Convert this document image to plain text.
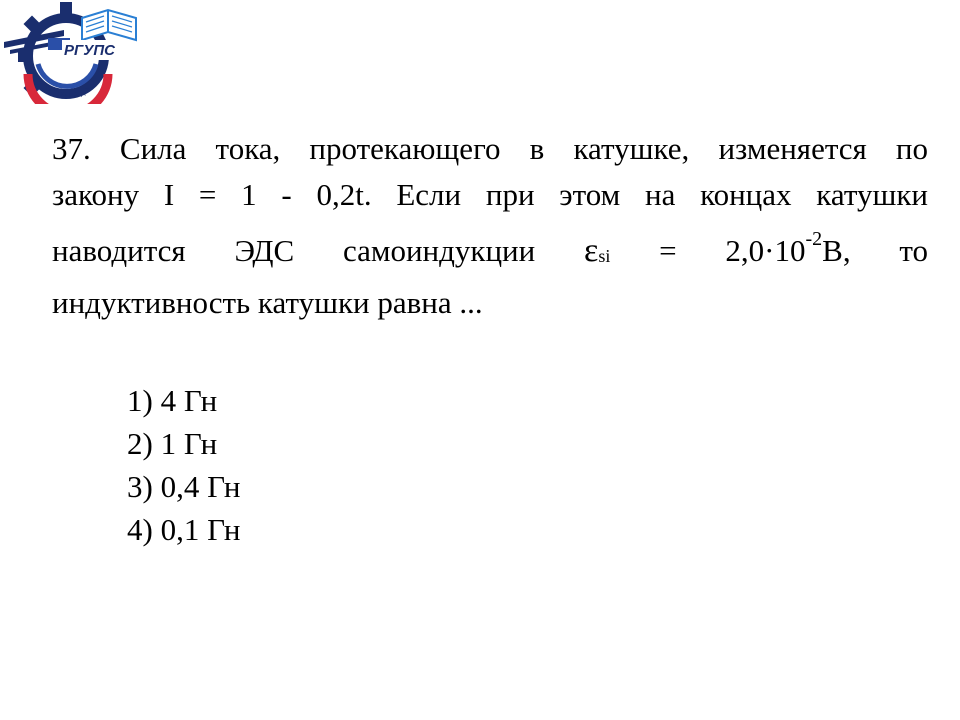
РГУПС
РОСТОВ-НА-ДОНУ
37. Сила тока, протекающего в катушке, изменяется по
закону I = 1 - 0,2t. Если при этом на концах катушки
наводится ЭДС самоиндукции $\varepsilon si = 2,0\cdot 10^{-2}В$, то
индуктивность катушки равна ...
1) 4 Гн
2) 1 Гн
3) 0,4 Гн
4) 0,1 Гн
